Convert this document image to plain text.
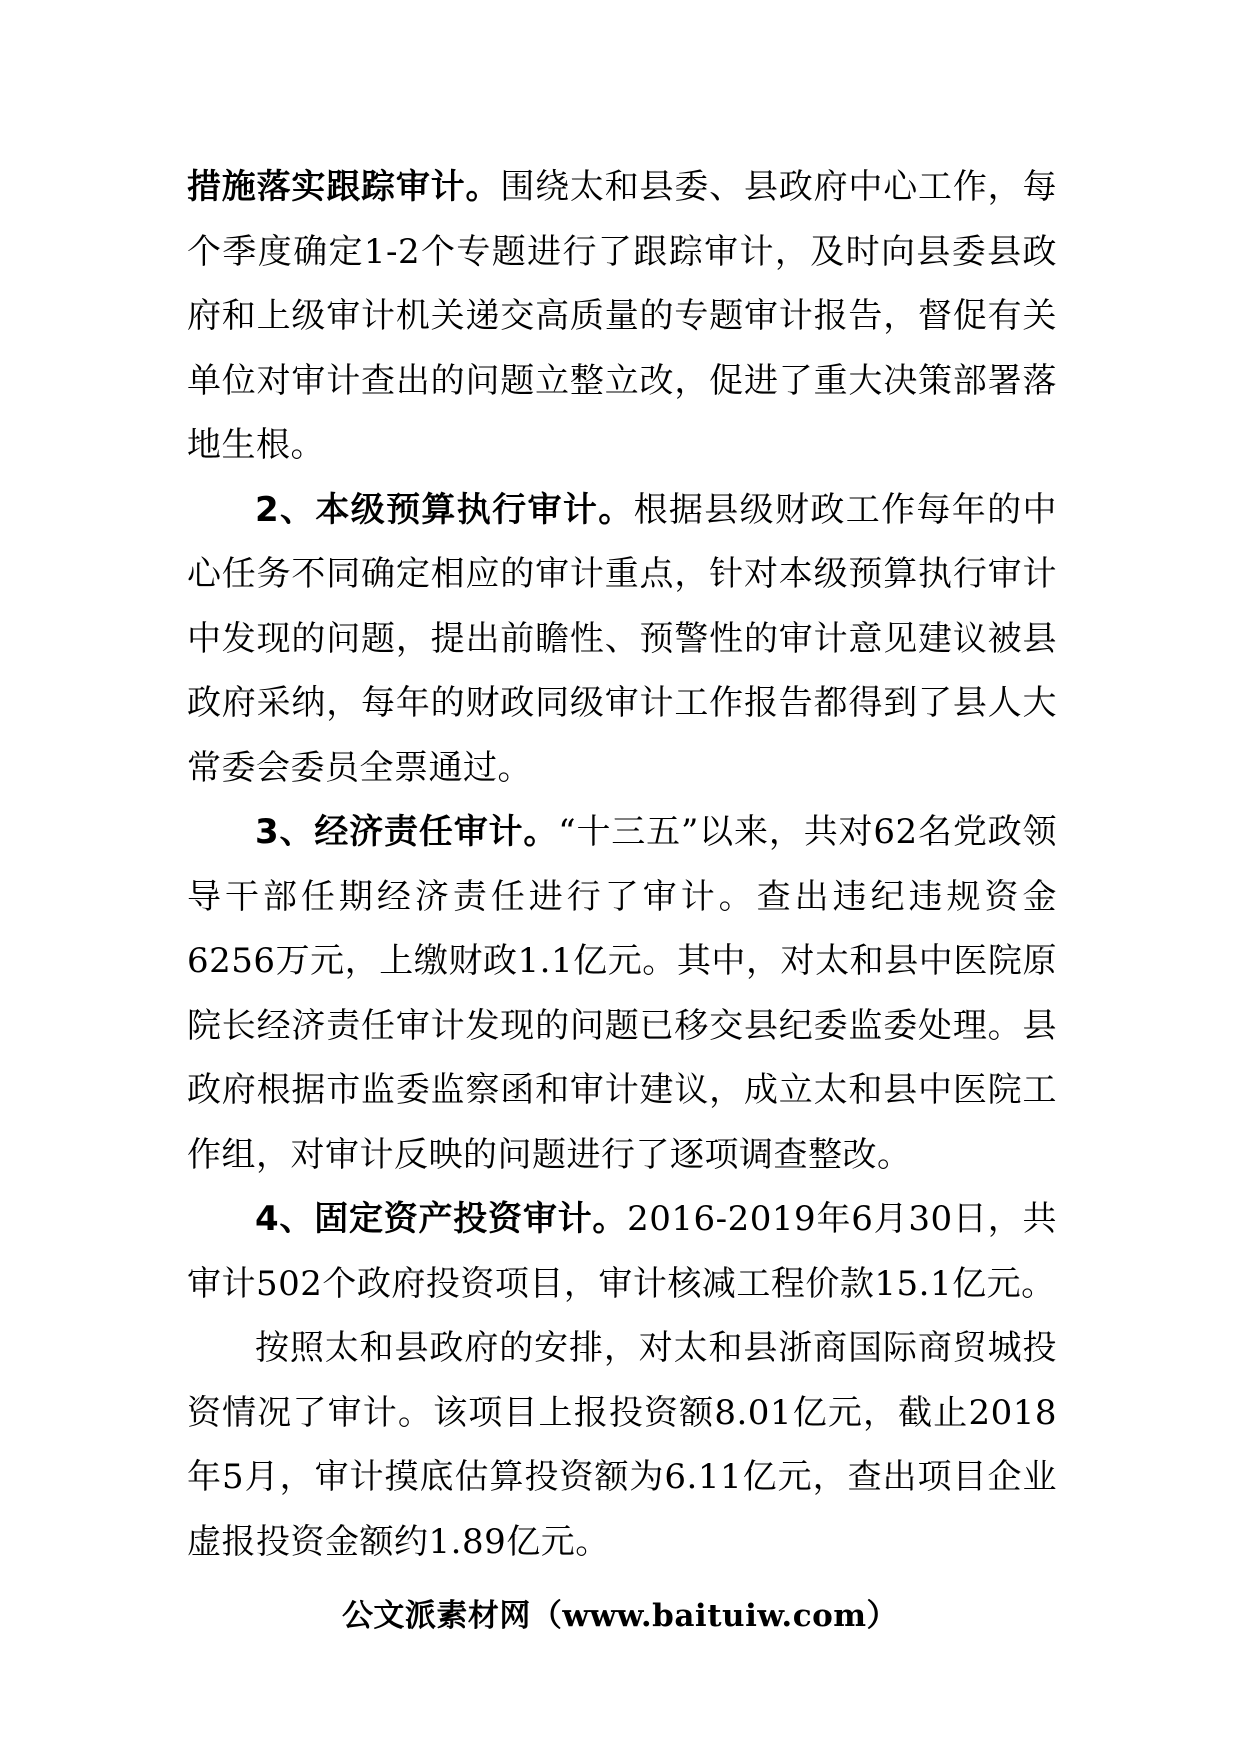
措施落实跟踪审计。围绕太和县委、县政府中心工作，每个季度确定1-2个专题进行了跟踪审计，及时向县委县政府和上级审计机关递交高质量的专题审计报告，督促有关单位对审计查出的问题立整立改，促进了重大决策部署落地生根。

2、本级预算执行审计。根据县级财政工作每年的中心任务不同确定相应的审计重点，针对本级预算执行审计中发现的问题，提出前瞻性、预警性的审计意见建议被县政府采纳，每年的财政同级审计工作报告都得到了县人大常委会委员全票通过。

3、经济责任审计。“十三五”以来，共对62名党政领导干部任期经济责任进行了审计。查出违纪违规资金6256万元，上缴财政1.1亿元。其中，对太和县中医院原院长经济责任审计发现的问题已移交县纪委监委处理。县政府根据市监委监察函和审计建议，成立太和县中医院工作组，对审计反映的问题进行了逐项调查整改。

4、固定资产投资审计。2016-2019年6月30日，共审计502个政府投资项目，审计核减工程价款15.1亿元。

按照太和县政府的安排，对太和县浙商国际商贸城投资情况了审计。该项目上报投资额8.01亿元，截止2018年5月，审计摸底估算投资额为6.11亿元，查出项目企业虚报投资金额约1.89亿元。

公文派素材网（www.baituiw.com）
